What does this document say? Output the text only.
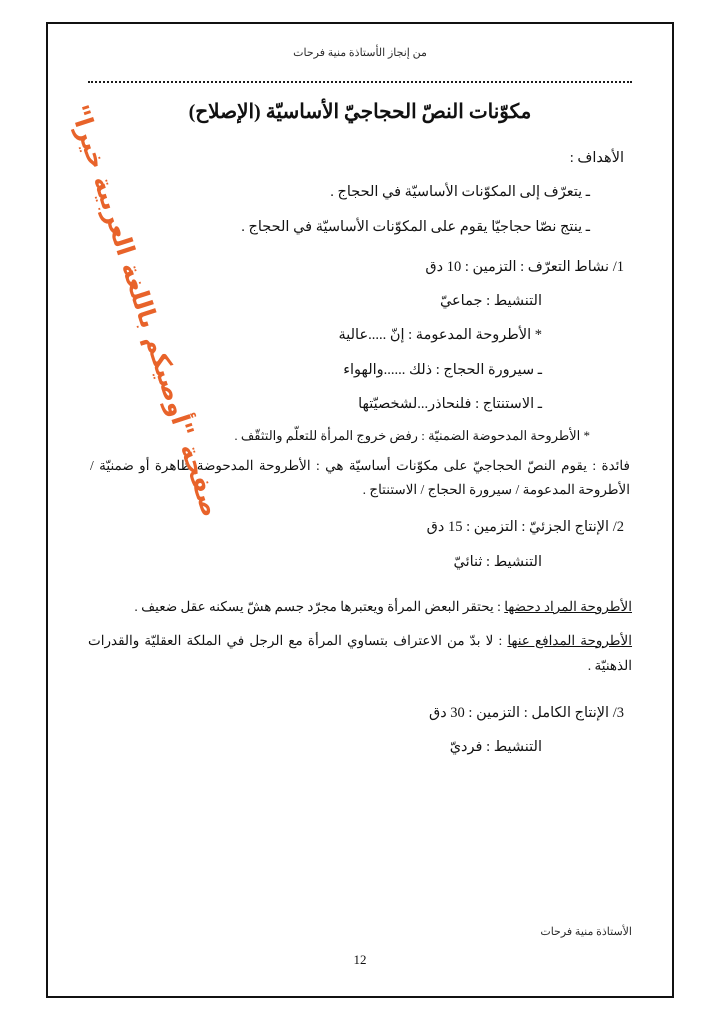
من إنجاز الأستاذة منية فرحات
مكوّنات النصّ الحجاجيّ الأساسيّة (الإصلاح)
الأهداف :
ـ يتعرّف إلى المكوّنات الأساسيّة في الحجاج .
ـ ينتج نصّا حجاجيّا يقوم على المكوّنات الأساسيّة في الحجاج .
1/ نشاط التعرّف : التزمين : 10 دق
التنشيط : جماعيّ
* الأطروحة المدعومة : إنّ .....عالية
ـ سيرورة الحجاج : ذلك ......والهواء
ـ الاستنتاج : فلنحاذر...لشخصيّتها
* الأطروحة المدحوضة الضمنيّة : رفض خروج المرأة للتعلّم والتثقّف .
فائدة : يقوم النصّ الحجاجيّ على مكوّنات أساسيّة هي : الأطروحة المدحوضة ظاهرة أو ضمنيّة / الأطروحة المدعومة / سيرورة الحجاج / الاستنتاج .
2/ الإنتاج الجزئيّ : التزمين : 15 دق
التنشيط : ثنائيّ
الأطروحة المراد دحضها : يحتقر البعض المرأة ويعتبرها مجرّد جسم هشّ يسكنه عقل ضعيف .
الأطروحة المدافع عنها : لا بدّ من الاعتراف بتساوي المرأة مع الرجل في الملكة العقليّة والقدرات الذهنيّة .
3/ الإنتاج الكامل : التزمين : 30 دق
التنشيط : فرديّ
الأستاذة منية فرحات
12
صفحة "أوصيكم باللغة العربية خيرا"
